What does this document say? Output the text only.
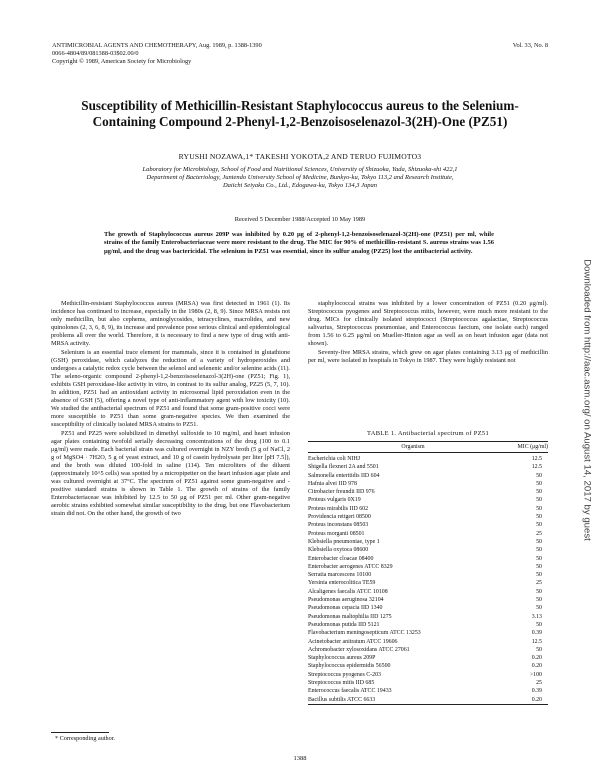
ANTIMICROBIAL AGENTS AND CHEMOTHERAPY, Aug. 1989, p. 1388-1390
0066-4804/89/081388-03$02.00/0
Copyright © 1989, American Society for Microbiology
Vol. 33, No. 8
Susceptibility of Methicillin-Resistant Staphylococcus aureus to the Selenium-Containing Compound 2-Phenyl-1,2-Benzoisoselenazol-3(2H)-One (PZ51)
RYUSHI NOZAWA,1* TAKESHI YOKOTA,2 AND TERUO FUJIMOTO3
Laboratory for Microbiology, School of Food and Nutritional Sciences, University of Shizuoka, Yada, Shizuoka-shi 422,1
Department of Bacteriology, Juntendo University School of Medicine, Bunkyo-ku, Tokyo 113,2 and Research Institute,
Daiichi Seiyaku Co., Ltd., Edogawa-ku, Tokyo 134,3 Japan
Received 5 December 1988/Accepted 10 May 1989
The growth of Staphylococcus aureus 209P was inhibited by 0.20 μg of 2-phenyl-1,2-benzoisoselenazol-3(2H)-one (PZ51) per ml, while strains of the family Enterobacteriaceae were more resistant to the drug. The MIC for 90% of methicillin-resistant S. aureus strains was 1.56 μg/ml, and the drug was bactericidal. The selenium in PZ51 was essential, since its sulfur analog (PZ25) lost the antibacterial activity.

Methicillin-resistant Staphylococcus aureus (MRSA) was first detected in 1961 (1). Its incidence has continued to increase, especially in the 1980s (2, 8, 9). Since MRSA resists not only methicillin, but also cephems, aminoglycosides, tetracyclines, macrolides, and new quinolones (2, 3, 6, 8, 9), its increase and prevalence pose serious clinical and epidemiological problems all over the world. Therefore, it is necessary to find a new type of drug with anti-MRSA activity.

Selenium is an essential trace element for mammals, since it is contained in glutathione (GSH) peroxidase, which catalyzes the reduction of a variety of hydroperoxides and undergoes a catalytic redox cycle between the selenol and selenenic and/or selenine acids (11). The seleno-organic compound 2-phenyl-1,2-benzoisoselenazol-3(2H)-one (PZ51; Fig. 1), exhibits GSH peroxidase-like activity in vitro, in contrast to its sulfur analog, PZ25 (5, 7, 10). In addition, PZ51 had an antioxidant activity in microsomal lipid peroxidation even in the absence of GSH (5), offering a novel type of anti-inflammatory agent with low toxicity (10). We studied the antibacterial spectrum of PZ51 and found that some gram-positive cocci were more susceptible to PZ51 than some gram-negative species. We then examined the susceptibility of clinically isolated MRSA strains to PZ51.

PZ51 and PZ25 were solubilized in dimethyl sulfoxide to 10 mg/ml, and heart infusion agar plates containing twofold serially decreasing concentrations of the drug (100 to 0.1 μg/ml) were made. Each bacterial strain was cultured overnight in NZY broth (5 g of NaCl, 2 g of MgSO4 · 7H2O, 5 g of yeast extract, and 10 g of casein hydrolysate per liter [pH 7.5]), and the broth was diluted 100-fold in saline (114). Ten microliters of the diluent (approximately 10^5 cells) was spotted by a micropipetter on the heart infusion agar plate and was cultured overnight at 37°C. The spectrum of PZ51 against some gram-negative and -positive standard strains is shown in Table 1. The growth of strains of the family Enterobacteriaceae was inhibited by 12.5 to 50 μg of PZ51 per ml. Other gram-negative aerobic strains exhibited somewhat similar susceptibility to the drug, but one Flavobacterium strain did not. On the other hand, the growth of two

staphylococcal strains was inhibited by a lower concentration of PZ51 (0.20 μg/ml). Streptococcus pyogenes and Streptococcus mitis, however, were much more resistant to the drug. MICs for clinically isolated streptococci (Streptococcus agalactiae, Streptococcus salivarius, Streptococcus pneumoniae, and Enterococcus faecium, one isolate each) ranged from 1.56 to 6.25 μg/ml on Mueller-Hinton agar as well as on heart infusion agar (data not shown).

Seventy-five MRSA strains, which grew on agar plates containing 3.13 μg of methicillin per ml, were isolated in hospitals in Tokyo in 1987. They were highly resistant not

TABLE 1. Antibacterial spectrum of PZ51
Organism	MIC (μg/ml)
Escherichia coli NIHJ	12.5
Shigella flexneri 2A and 5501	12.5
Salmonella enteritidis IID 604	50
Hafnia alvei IID 978	50
Citrobacter freundii IID 976	50
Proteus vulgaris 0X19	50
Proteus mirabilis IID 602	50
Providencia rettgeri 08500	50
Proteus inconstans 08503	50
Proteus morganii 08501	25
Klebsiella pneumoniae, type 1	50
Klebsiella oxytoca 08600	50
Enterobacter cloacae 08400	50
Enterobacter aerogenes ATCC 8329	50
Serratia marcescens 10100	50
Yersinia enterocolitica TE59	25
Alcaligenes faecalis ATCC 10108	50
Pseudomonas aeruginosa 32104	50
Pseudomonas cepacia IID 1340	50
Pseudomonas maltophilia IID 1275	3.13
Pseudomonas putida IID 5121	50
Flavobacterium meningosepticum ATCC 13253	0.39
Acinetobacter anitratum ATCC 19606	12.5
Achromobacter xylosoxidans ATCC 27061	50
Staphylococcus aureus 209P	0.20
Staphylococcus epidermidis 56500	0.20
Streptococcus pyogenes C-203	>100
Streptococcus mitis IID 685	25
Enterococcus faecalis ATCC 19433	0.39
Bacillus subtilis ATCC 6633	0.20
* Corresponding author.
1388
Downloaded from http://aac.asm.org/ on August 14, 2017 by guest
